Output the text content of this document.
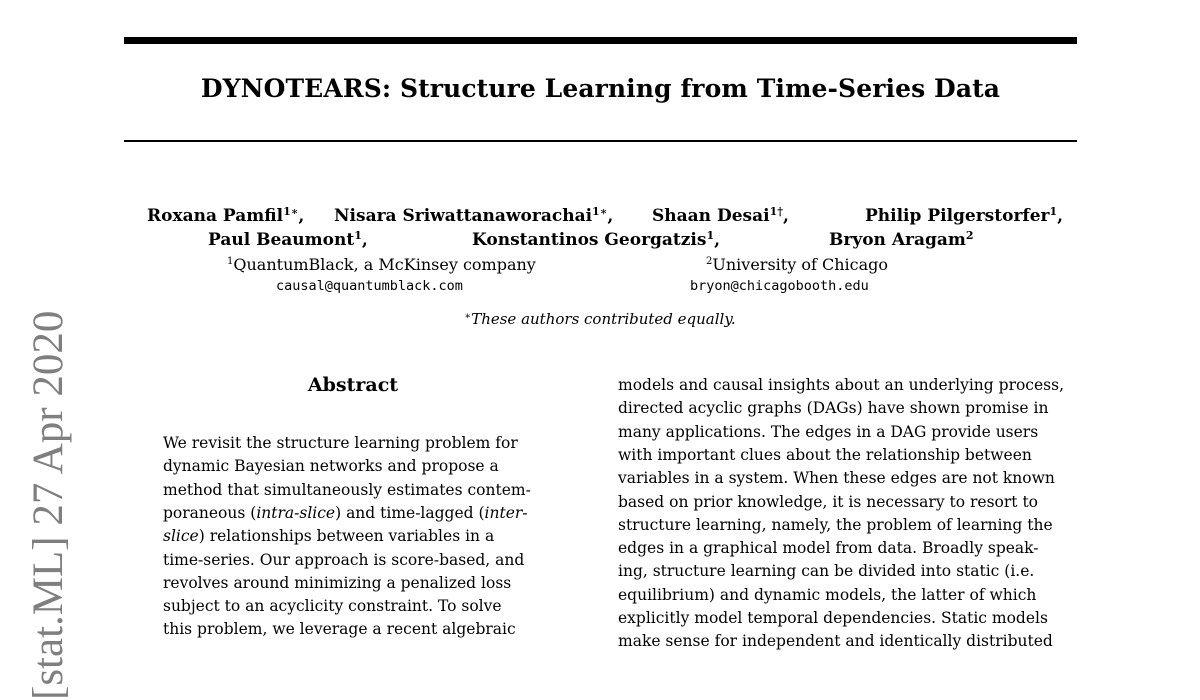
DYNOTEARS: Structure Learning from Time-Series Data
Roxana Pamfil$^{1∗}$, Nisara Sriwattanaworachai$^{1∗}$, Shaan Desai$^{1\dagger}$,	Philip Pilgerstorfer$^1$,
Paul Beaumont$^1$,	Konstantinos Georgatzis$^1$,	Bryon Aragam$^2$
$^1$QuantumBlack, a McKinsey company	$^2$University of Chicago
causal@quantumblack.com	bryon@chicagobooth.edu
∗These authors contributed equally.
Abstract
We revisit the structure learning problem for
dynamic Bayesian networks and propose a
method that simultaneously estimates contem-
poraneous (intra-slice) and time-lagged (inter-
slice) relationships between variables in a
time-series. Our approach is score-based, and
revolves around minimizing a penalized loss
subject to an acyclicity constraint. To solve
this problem, we leverage a recent algebraic
models and causal insights about an underlying process,
directed acyclic graphs (DAGs) have shown promise in
many applications. The edges in a DAG provide users
with important clues about the relationship between
variables in a system. When these edges are not known
based on prior knowledge, it is necessary to resort to
structure learning, namely, the problem of learning the
edges in a graphical model from data. Broadly speak-
ing, structure learning can be divided into static (i.e.
equilibrium) and dynamic models, the latter of which
explicitly model temporal dependencies. Static models
make sense for independent and identically distributed
[stat.ML] 27 Apr 2020
